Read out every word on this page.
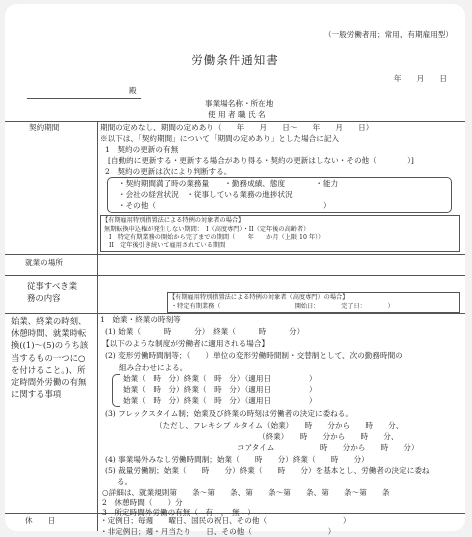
（一般労働者用；常用、有期雇用型）
労働条件通知書
年　　月　　日
殿
事業場名称・所在地
使 用 者 職 氏 名
契約期間
就業の場所
従事すべき業務の内容
始業、終業の時刻、休憩時間、就業時転換((1)～(5)のうち該当するもの一つに○を付けること。)、所定時間外労働の有無に関する事項
休　　日
期間の定めなし、期間の定めあり（　　年　　月　　日～　　年　　月　　日）
※以下は、「契約期間」について「期間の定めあり」とした場合に記入
1　契約の更新の有無
[自動的に更新する・更新する場合があり得る・契約の更新はしない・その他（　　　　）]
2　契約の更新は次により判断する。
・契約期間満了時の業務量　　・勤務成績、態度　　　　・能力
・会社の経営状況　・従事している業務の進捗状況
・その他（　　　　　　　　　　　　　　　　　　　　　　）
【有期雇用特別措置法による特例の対象者の場合】
無期転換申込権が発生しない期間：　I（高度専門）・II（定年後の高齢者）
I　特定有期業務の開始から完了までの期間（　　年　　か月（上限 10 年））
II　定年後引き続いて雇用されている期間
【有期雇用特別措置法による特例の対象者（高度専門）の場合】
・特定有期業務（　　　　　　　　　　　　開始日：　　　　完了日：　　　　）
1　始業・終業の時刻等
(1) 始業（　　　時　　　分）　終業（　　　時　　　分）
【以下のような制度が労働者に適用される場合】
(2) 変形労働時間制等；（　　）単位の変形労働時間制・交替制として、次の勤務時間の
組み合わせによる。
始業（　時　分）終業（　時　分）（適用日　　　　　）
始業（　時　分）終業（　時　分）（適用日　　　　　）
始業（　時　分）終業（　時　分）（適用日　　　　　）
(3) フレックスタイム制；始業及び終業の時刻は労働者の決定に委ねる。
（ただし、フレキシブ ルタイム（始業）　　時　　分から　　時　　分、
（終業）　　時　　分から　　時　　分、
コアタイム　　　　　　時　　分から　　時　　分）
(4) 事業場外みなし労働時間制；始業（　　時　　分）終業（　　時　　分）
(5) 裁量労働制；始業（　　時　　分）終業（　　時　　分）を基本とし、労働者の決定に委ね
る。
○詳細は、就業規則第　　条～第　　条、第　　条～第　　条、第　　条～第　　条
2　休憩時間（　　）分
3　所定時間外労働の有無（　有　，　無　）
・定例日；毎週　　曜日、国民の祝日、その他（　　　　　　　　　　）
・非定例日；週・月当たり　　日、その他（　　　　　　　　　　）
